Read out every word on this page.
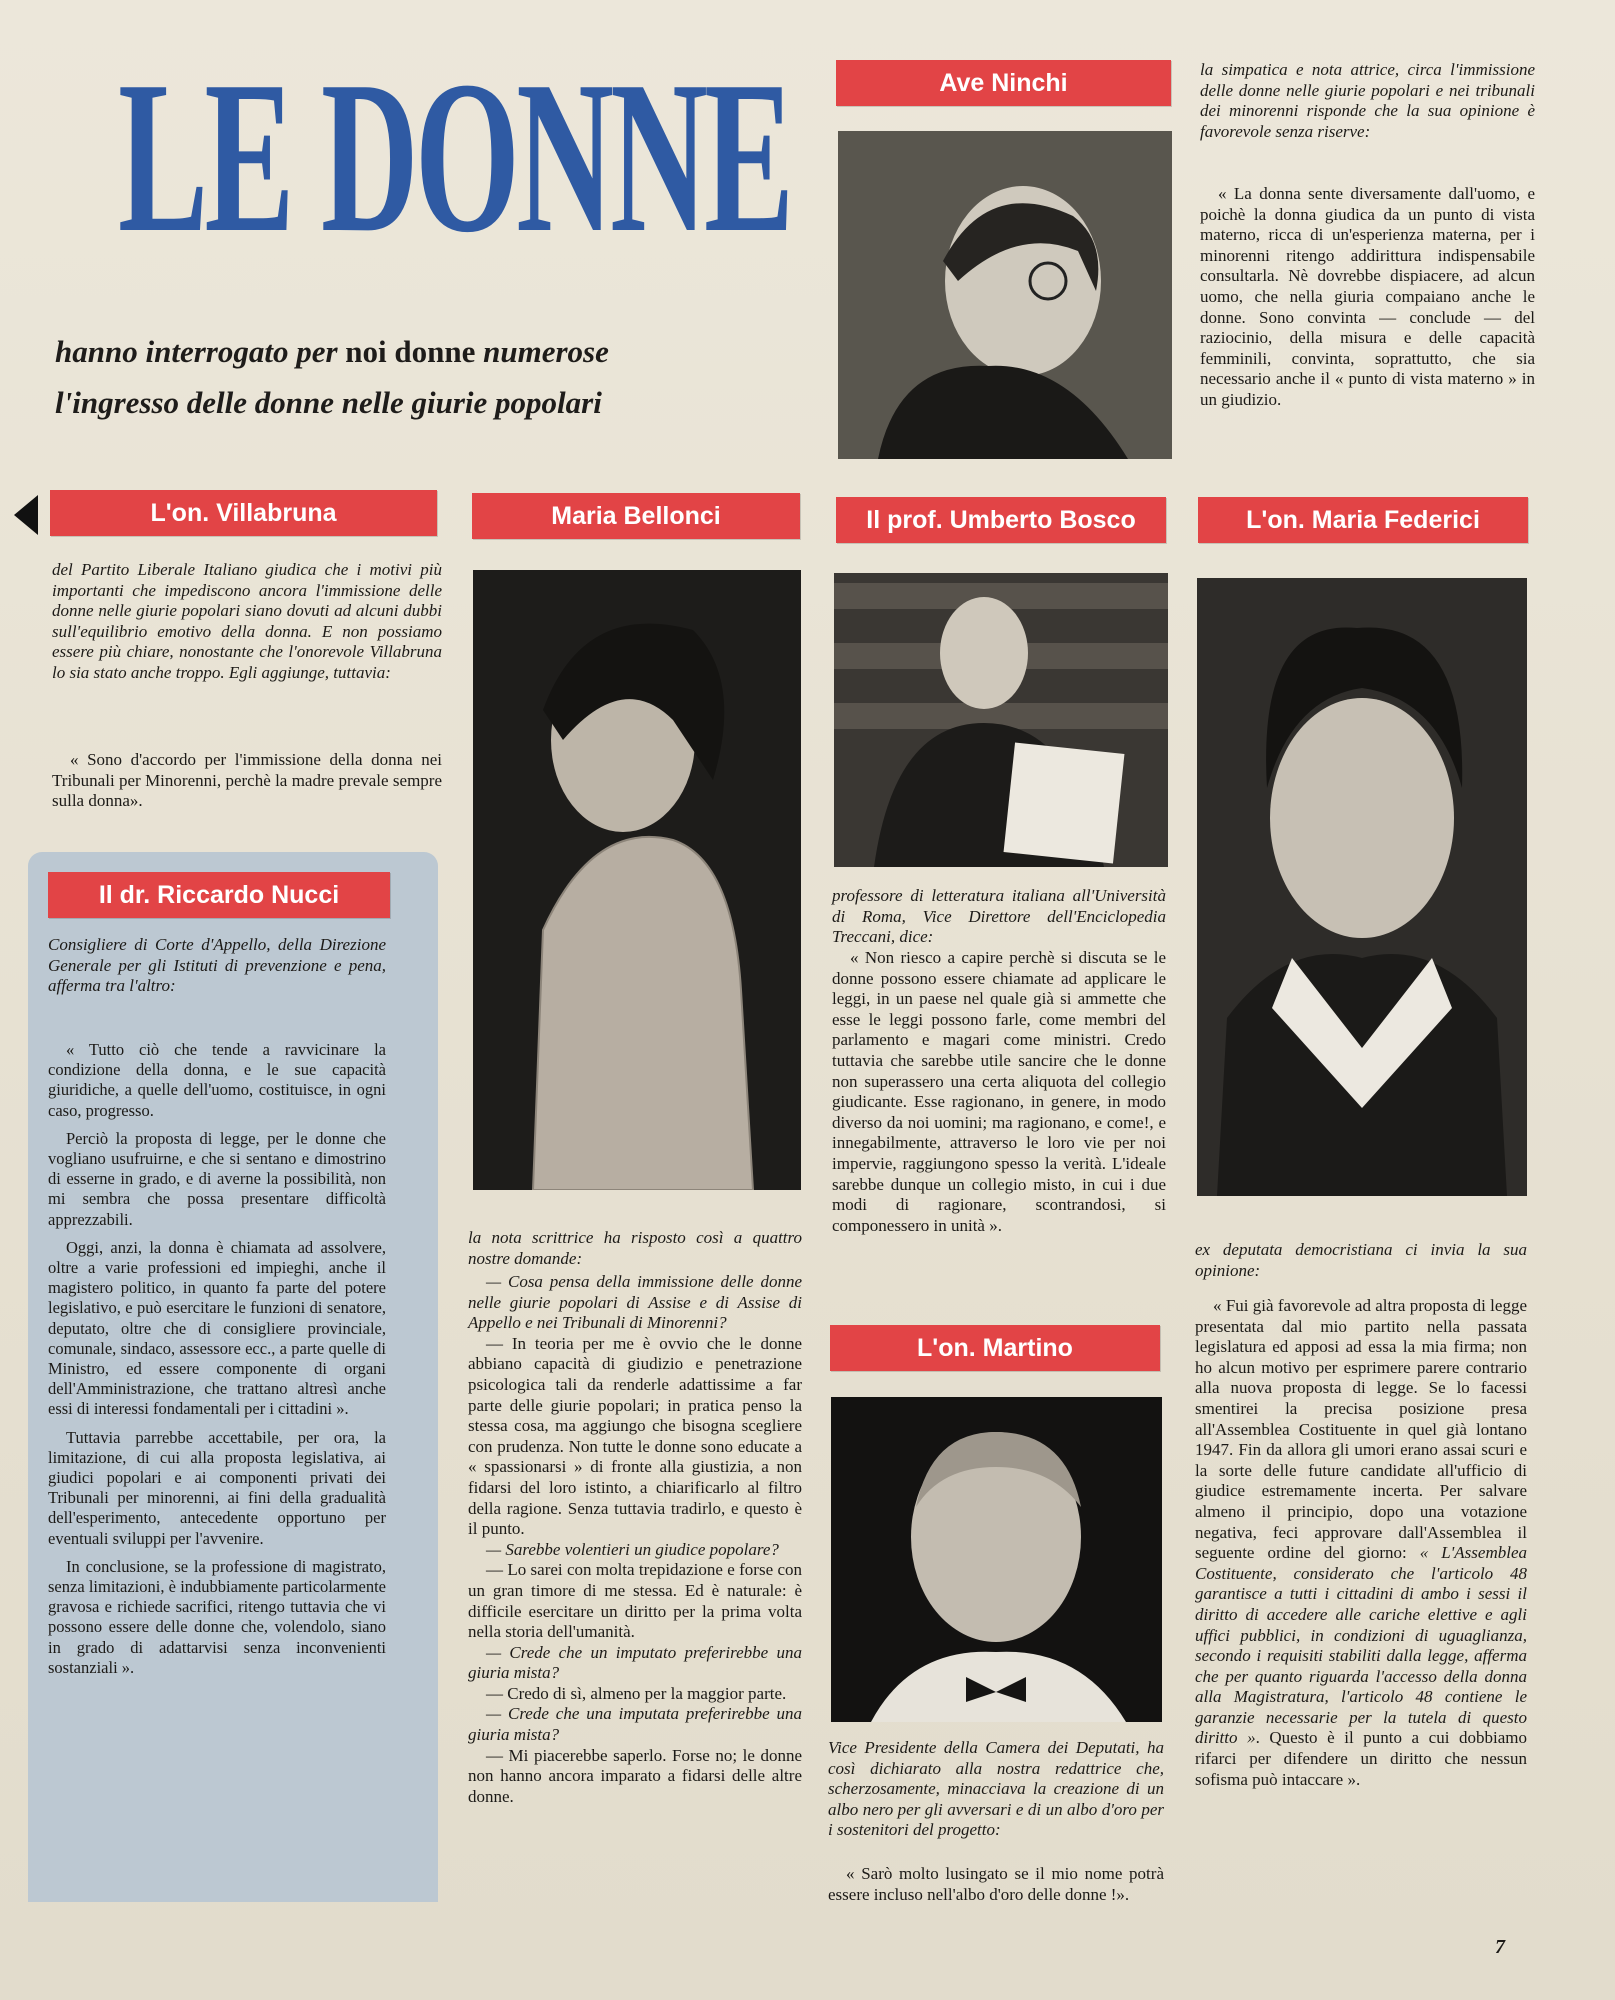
LE DONNE
hanno interrogato per noi donne numerose
l'ingresso delle donne nelle giurie popolari
Ave Ninchi	la simpatica e nota attrice, circa l'immissione delle donne nelle giurie popolari e nei tribunali dei minorenni risponde che la sua opinione è favorevole senza riserve:
« La donna sente diversamente dall'uomo, e poichè la donna giudica da un punto di vista materno, ricca di un'esperienza materna, per i minorenni ritengo addirittura indispensabile consultarla. Nè dovrebbe dispiacere, ad alcun uomo, che nella giuria compaiano anche le donne. Sono convinta — conclude — del raziocinio, della misura e delle capacità femminili, convinta, soprattutto, che sia necessario anche il « punto di vista materno » in un giudizio.
L'on. Villabruna
del Partito Liberale Italiano giudica che i motivi più importanti che impediscono ancora l'immissione delle donne nelle giurie popolari siano dovuti ad alcuni dubbi sull'equilibrio emotivo della donna. E non possiamo essere più chiare, nonostante che l'onorevole Villabruna lo sia stato anche troppo. Egli aggiunge, tuttavia:
« Sono d'accordo per l'immissione della donna nei Tribunali per Minorenni, perchè la madre prevale sempre sulla donna».
Il dr. Riccardo Nucci
Consigliere di Corte d'Appello, della Direzione Generale per gli Istituti di prevenzione e pena, afferma tra l'altro:

« Tutto ciò che tende a ravvicinare la condizione della donna, e le sue capacità giuridiche, a quelle dell'uomo, costituisce, in ogni caso, progresso.

Perciò la proposta di legge, per le donne che vogliano usufruirne, e che si sentano e dimostrino di esserne in grado, e di averne la possibilità, non mi sembra che possa presentare difficoltà apprezzabili.

Oggi, anzi, la donna è chiamata ad assolvere, oltre a varie professioni ed impieghi, anche il magistero politico, in quanto fa parte del potere legislativo, e può esercitare le funzioni di senatore, deputato, oltre che di consigliere provinciale, comunale, sindaco, assessore ecc., a parte quelle di Ministro, ed essere componente di organi dell'Amministrazione, che trattano altresì anche essi di interessi fondamentali per i cittadini ».

Tuttavia parrebbe accettabile, per ora, la limitazione, di cui alla proposta legislativa, ai giudici popolari e ai componenti privati dei Tribunali per minorenni, ai fini della gradualità dell'esperimento, antecedente opportuno per eventuali sviluppi per l'avvenire.

In conclusione, se la professione di magistrato, senza limitazioni, è indubbiamente particolarmente gravosa e richiede sacrifici, ritengo tuttavia che vi possono essere delle donne che, volendolo, siano in grado di adattarvisi senza inconvenienti sostanziali ».

Maria Bellonci
la nota scrittrice ha risposto così a quattro nostre domande:

— Cosa pensa della immissione delle donne nelle giurie popolari di Assise e di Assise di Appello e nei Tribunali di Minorenni?

— In teoria per me è ovvio che le donne abbiano capacità di giudizio e penetrazione psicologica tali da renderle adattissime a far parte delle giurie popolari; in pratica penso la stessa cosa, ma aggiungo che bisogna scegliere con prudenza. Non tutte le donne sono educate a « spassionarsi » di fronte alla giustizia, a non fidarsi del loro istinto, a chiarificarlo al filtro della ragione. Senza tuttavia tradirlo, e questo è il punto.

— Sarebbe volentieri un giudice popolare?

— Lo sarei con molta trepidazione e forse con un gran timore di me stessa. Ed è naturale: è difficile esercitare un diritto per la prima volta nella storia dell'umanità.

— Crede che un imputato preferirebbe una giuria mista?

— Credo di sì, almeno per la maggior parte.

— Crede che una imputata preferirebbe una giuria mista?

— Mi piacerebbe saperlo. Forse no; le donne non hanno ancora imparato a fidarsi delle altre donne.

Il prof. Umberto Bosco
professore di letteratura italiana all'Università di Roma, Vice Direttore dell'Enciclopedia Treccani, dice:
« Non riesco a capire perchè si discuta se le donne possono essere chiamate ad applicare le leggi, in un paese nel quale già si ammette che esse le leggi possono farle, come membri del parlamento e magari come ministri. Credo tuttavia che sarebbe utile sancire che le donne non superassero una certa aliquota del collegio giudicante. Esse ragionano, in genere, in modo diverso da noi uomini; ma ragionano, e come!, e innegabilmente, attraverso le loro vie per noi impervie, raggiungono spesso la verità. L'ideale sarebbe dunque un collegio misto, in cui i due modi di ragionare, scontrandosi, si componessero in unità ».
L'on. Martino
Vice Presidente della Camera dei Deputati, ha così dichiarato alla nostra redattrice che, scherzosamente, minacciava la creazione di un albo nero per gli avversari e di un albo d'oro per i sostenitori del progetto:
« Sarò molto lusingato se il mio nome potrà essere incluso nell'albo d'oro delle donne !».
L'on. Maria Federici
ex deputata democristiana ci invia la sua opinione:
« Fui già favorevole ad altra proposta di legge presentata dal mio partito nella passata legislatura ed apposi ad essa la mia firma; non ho alcun motivo per esprimere parere contrario alla nuova proposta di legge. Se lo facessi smentirei la precisa posizione presa all'Assemblea Costituente in quel già lontano 1947. Fin da allora gli umori erano assai scuri e la sorte delle future candidate all'ufficio di giudice estremamente incerta. Per salvare almeno il principio, dopo una votazione negativa, feci approvare dall'Assemblea il seguente ordine del giorno: « L'Assemblea Costituente, considerato che l'articolo 48 garantisce a tutti i cittadini di ambo i sessi il diritto di accedere alle cariche elettive e agli uffici pubblici, in condizioni di uguaglianza, secondo i requisiti stabiliti dalla legge, afferma che per quanto riguarda l'accesso della donna alla Magistratura, l'articolo 48 contiene le garanzie necessarie per la tutela di questo diritto ». Questo è il punto a cui dobbiamo rifarci per difendere un diritto che nessun sofisma può intaccare ».
7
